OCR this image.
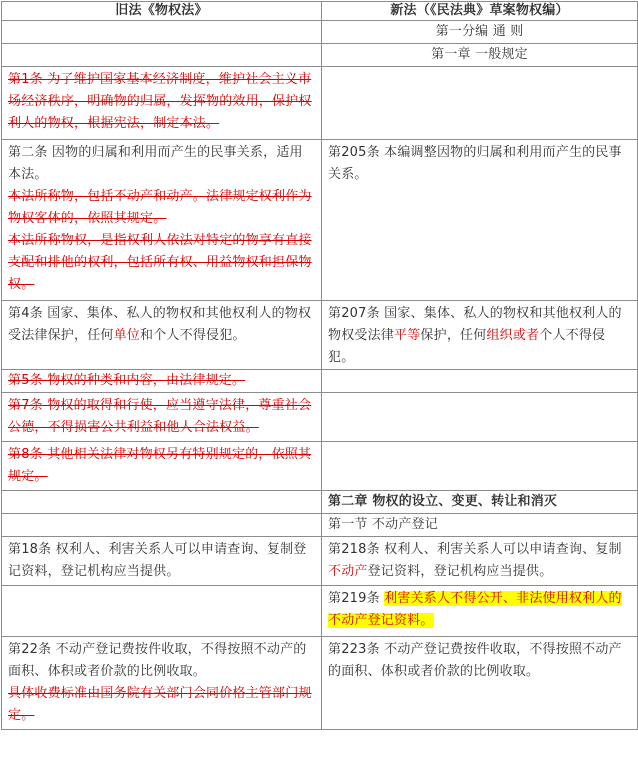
旧法《物权法》	新法（《民法典》草案物权编）
	第一分编 通 则
	第一章 一般规定
第1条 为了维护国家基本经济制度，维护社会主义市场经济秩序，明确物的归属，发挥物的效用，保护权利人的物权，根据宪法，制定本法。	

第二条 因物的归属和利用而产生的民事关系，适用本法。

本法所称物，包括不动产和动产。法律规定权利作为物权客体的，依照其规定。

本法所称物权，是指权利人依法对特定的物享有直接支配和排他的权利，包括所有权、用益物权和担保物权。	第205条 本编调整因物的归属和利用而产生的民事关系。

第4条 国家、集体、私人的物权和其他权利人的物权受法律保护，任何单位和个人不得侵犯。	第207条 国家、集体、私人的物权和其他权利人的物权受法律平等保护，任何组织或者个人不得侵犯。
第5条 物权的种类和内容，由法律规定。	
第7条 物权的取得和行使，应当遵守法律，尊重社会公德，不得损害公共利益和他人合法权益。	
第8条 其他相关法律对物权另有特别规定的，依照其规定。	
	第二章 物权的设立、变更、转让和消灭
	第一节 不动产登记
第18条 权利人、利害关系人可以申请查询、复制登记资料，登记机构应当提供。	第218条 权利人、利害关系人可以申请查询、复制不动产登记资料，登记机构应当提供。
	第219条 利害关系人不得公开、非法使用权利人的不动产登记资料。

第22条 不动产登记费按件收取，不得按照不动产的面积、体积或者价款的比例收取。

具体收费标准由国务院有关部门会同价格主管部门规定。	第223条 不动产登记费按件收取，不得按照不动产的面积、体积或者价款的比例收取。
